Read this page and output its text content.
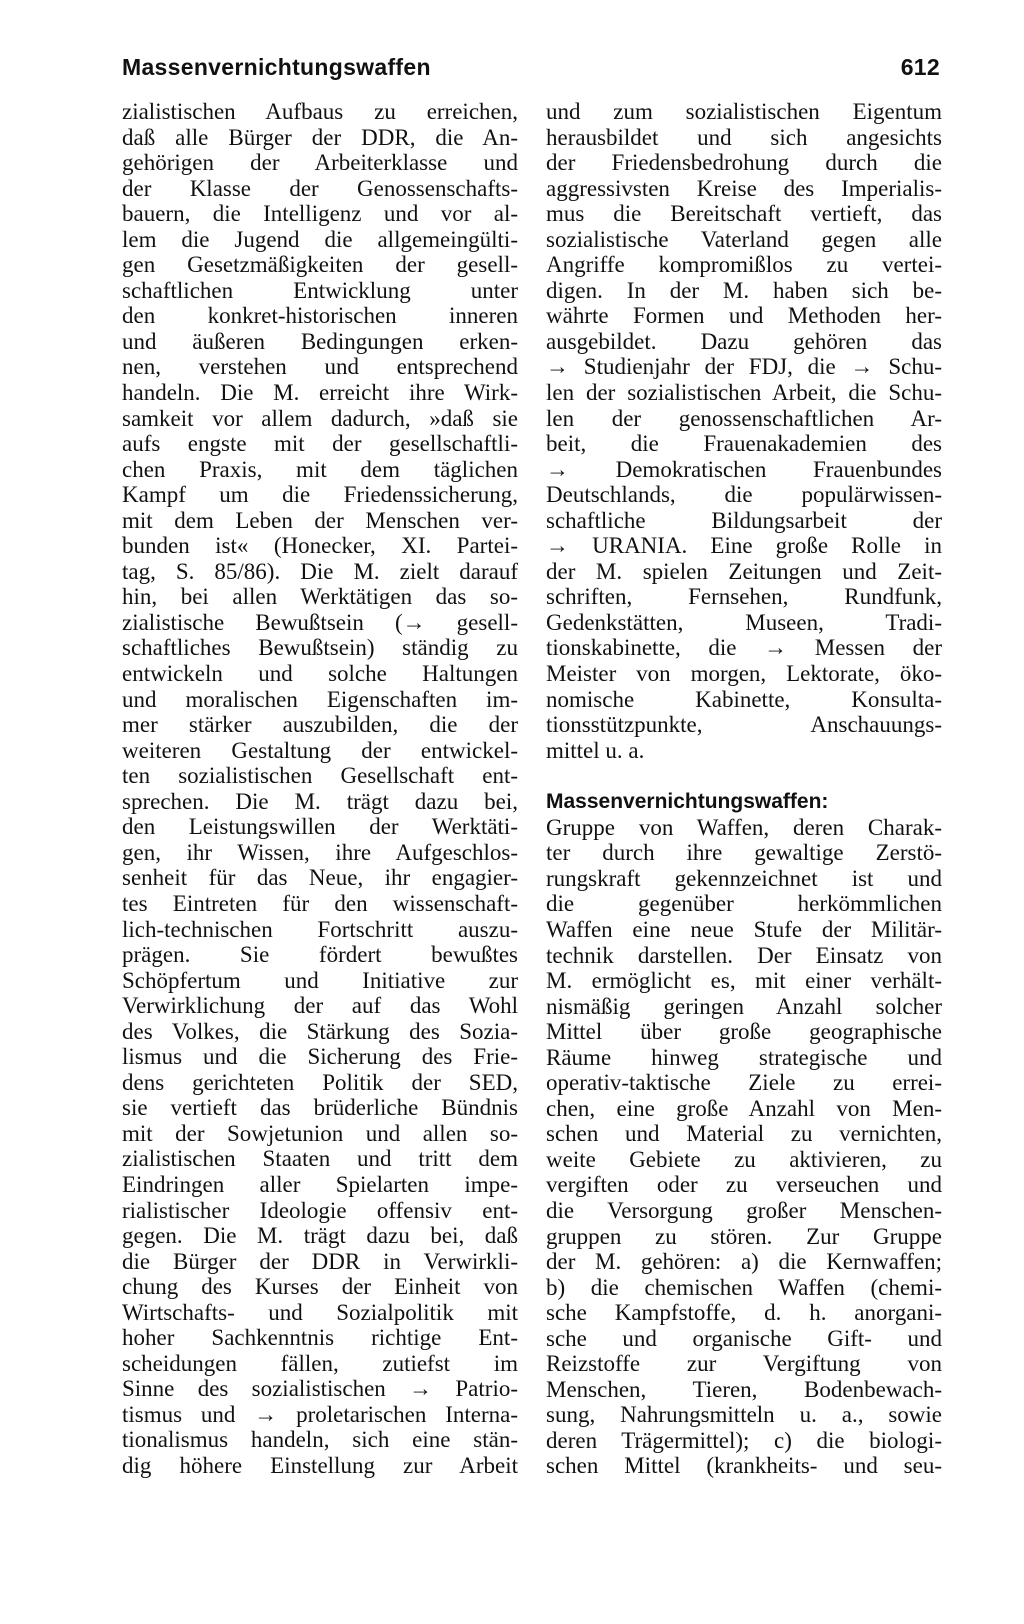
Massenvernichtungswaffen	612
zialistischen Aufbaus zu erreichen,
daß alle Bürger der DDR, die An-
gehörigen der Arbeiterklasse und
der Klasse der Genossenschafts-
bauern, die Intelligenz und vor al-
lem die Jugend die allgemeingülti-
gen Gesetzmäßigkeiten der gesell-
schaftlichen Entwicklung unter
den konkret-historischen inneren
und äußeren Bedingungen erken-
nen, verstehen und entsprechend
handeln. Die M. erreicht ihre Wirk-
samkeit vor allem dadurch, »daß sie
aufs engste mit der gesellschaftli-
chen Praxis, mit dem täglichen
Kampf um die Friedenssicherung,
mit dem Leben der Menschen ver-
bunden ist« (Honecker, XI. Partei-
tag, S. 85/86). Die M. zielt darauf
hin, bei allen Werktätigen das so-
zialistische Bewußtsein (→ gesell-
schaftliches Bewußtsein) ständig zu
entwickeln und solche Haltungen
und moralischen Eigenschaften im-
mer stärker auszubilden, die der
weiteren Gestaltung der entwickel-
ten sozialistischen Gesellschaft ent-
sprechen. Die M. trägt dazu bei,
den Leistungswillen der Werktäti-
gen, ihr Wissen, ihre Aufgeschlos-
senheit für das Neue, ihr engagier-
tes Eintreten für den wissenschaft-
lich-technischen Fortschritt auszu-
prägen. Sie fördert bewußtes
Schöpfertum und Initiative zur
Verwirklichung der auf das Wohl
des Volkes, die Stärkung des Sozia-
lismus und die Sicherung des Frie-
dens gerichteten Politik der SED,
sie vertieft das brüderliche Bündnis
mit der Sowjetunion und allen so-
zialistischen Staaten und tritt dem
Eindringen aller Spielarten impe-
rialistischer Ideologie offensiv ent-
gegen. Die M. trägt dazu bei, daß
die Bürger der DDR in Verwirkli-
chung des Kurses der Einheit von
Wirtschafts- und Sozialpolitik mit
hoher Sachkenntnis richtige Ent-
scheidungen fällen, zutiefst im
Sinne des sozialistischen → Patrio-
tismus und → proletarischen Interna-
tionalismus handeln, sich eine stän-
dig höhere Einstellung zur Arbeit
und zum sozialistischen Eigentum
herausbildet und sich angesichts
der Friedensbedrohung durch die
aggressivsten Kreise des Imperialis-
mus die Bereitschaft vertieft, das
sozialistische Vaterland gegen alle
Angriffe kompromißlos zu vertei-
digen. In der M. haben sich be-
währte Formen und Methoden her-
ausgebildet. Dazu gehören das
→ Studienjahr der FDJ, die → Schu-
len der sozialistischen Arbeit, die Schu-
len der genossenschaftlichen Ar-
beit, die Frauenakademien des
→ Demokratischen Frauenbundes
Deutschlands, die populärwissen-
schaftliche Bildungsarbeit der
→ URANIA. Eine große Rolle in
der M. spielen Zeitungen und Zeit-
schriften, Fernsehen, Rundfunk,
Gedenkstätten, Museen, Tradi-
tionskabinette, die → Messen der
Meister von morgen, Lektorate, öko-
nomische Kabinette, Konsulta-
tionsstützpunkte, Anschauungs-
mittel u. a.
Massenvernichtungswaffen:
Gruppe von Waffen, deren Charak-
ter durch ihre gewaltige Zerstö-
rungskraft gekennzeichnet ist und
die gegenüber herkömmlichen
Waffen eine neue Stufe der Militär-
technik darstellen. Der Einsatz von
M. ermöglicht es, mit einer verhält-
nismäßig geringen Anzahl solcher
Mittel über große geographische
Räume hinweg strategische und
operativ-taktische Ziele zu errei-
chen, eine große Anzahl von Men-
schen und Material zu vernichten,
weite Gebiete zu aktivieren, zu
vergiften oder zu verseuchen und
die Versorgung großer Menschen-
gruppen zu stören. Zur Gruppe
der M. gehören: a) die Kernwaffen;
b) die chemischen Waffen (chemi-
sche Kampfstoffe, d. h. anorgani-
sche und organische Gift- und
Reizstoffe zur Vergiftung von
Menschen, Tieren, Bodenbewach-
sung, Nahrungsmitteln u. a., sowie
deren Trägermittel); c) die biologi-
schen Mittel (krankheits- und seu-
